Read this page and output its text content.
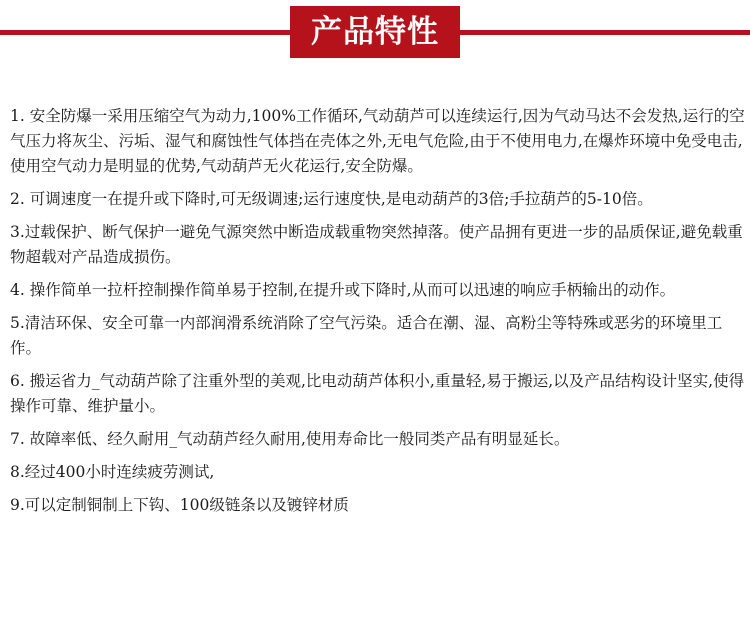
产品特性

1. 安全防爆一采用压缩空气为动力,100%工作循环,气动葫芦可以连续运行,因为气动马达不会发热,运行的空气压力将灰尘、污垢、湿气和腐蚀性气体挡在壳体之外,无电气危险,由于不使用电力,在爆炸环境中免受电击,使用空气动力是明显的优势,气动葫芦无火花运行,安全防爆。

2. 可调速度一在提升或下降时,可无级调速;运行速度快,是电动葫芦的3倍;手拉葫芦的5-10倍。

3.过载保护、断气保护一避免气源突然中断造成载重物突然掉落。使产品拥有更进一步的品质保证,避免载重物超载对产品造成损伤。

4. 操作简单一拉杆控制操作简单易于控制,在提升或下降时,从而可以迅速的响应手柄输出的动作。

5.清洁环保、安全可靠一内部润滑系统消除了空气污染。适合在潮、湿、高粉尘等特殊或恶劣的环境里工作。

6. 搬运省力_气动葫芦除了注重外型的美观,比电动葫芦体积小,重量轻,易于搬运,以及产品结构设计坚实,使得操作可靠、维护量小。

7. 故障率低、经久耐用_气动葫芦经久耐用,使用寿命比一般同类产品有明显延长。

8.经过400小时连续疲劳测试,

9.可以定制铜制上下钩、100级链条以及镀锌材质
